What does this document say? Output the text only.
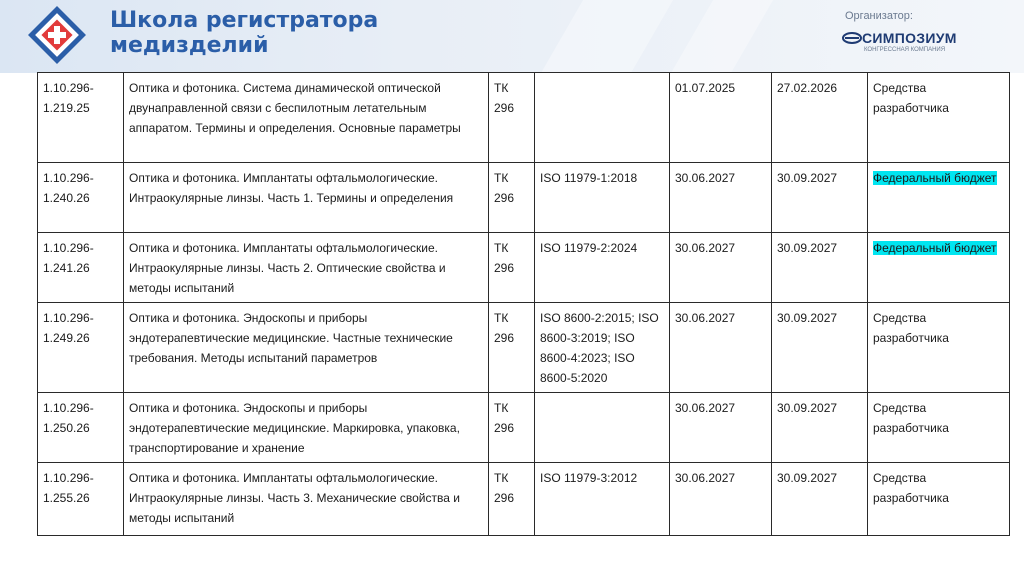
Школа регистратора
медизделий

Организатор:

СИМПОЗИУМ

КОНГРЕССНАЯ КОМПАНИЯ

1.10.296-1.219.25	Оптика и фотоника. Система динамической оптической двунаправленной связи с беспилотным летательным аппаратом. Термины и определения. Основные параметры	ТК 296		01.07.2025	27.02.2026	Средства разработчика
1.10.296-1.240.26	Оптика и фотоника. Имплантаты офтальмологические. Интраокулярные линзы. Часть 1. Термины и определения	ТК 296	ISO 11979-1:2018	30.06.2027	30.09.2027	Федеральный бюджет
1.10.296-1.241.26	Оптика и фотоника. Имплантаты офтальмологические. Интраокулярные линзы. Часть 2. Оптические свойства и методы испытаний	ТК 296	ISO 11979-2:2024	30.06.2027	30.09.2027	Федеральный бюджет
1.10.296-1.249.26	Оптика и фотоника. Эндоскопы и приборы эндотерапевтические медицинские. Частные технические требования. Методы испытаний параметров	ТК 296	ISO 8600-2:2015; ISO 8600-3:2019; ISO 8600-4:2023; ISO 8600-5:2020	30.06.2027	30.09.2027	Средства разработчика
1.10.296-1.250.26	Оптика и фотоника. Эндоскопы и приборы эндотерапевтические медицинские. Маркировка, упаковка, транспортирование и хранение	ТК 296		30.06.2027	30.09.2027	Средства разработчика
1.10.296-1.255.26	Оптика и фотоника. Имплантаты офтальмологические. Интраокулярные линзы. Часть 3. Механические свойства и методы испытаний	ТК 296	ISO 11979-3:2012	30.06.2027	30.09.2027	Средства разработчика
